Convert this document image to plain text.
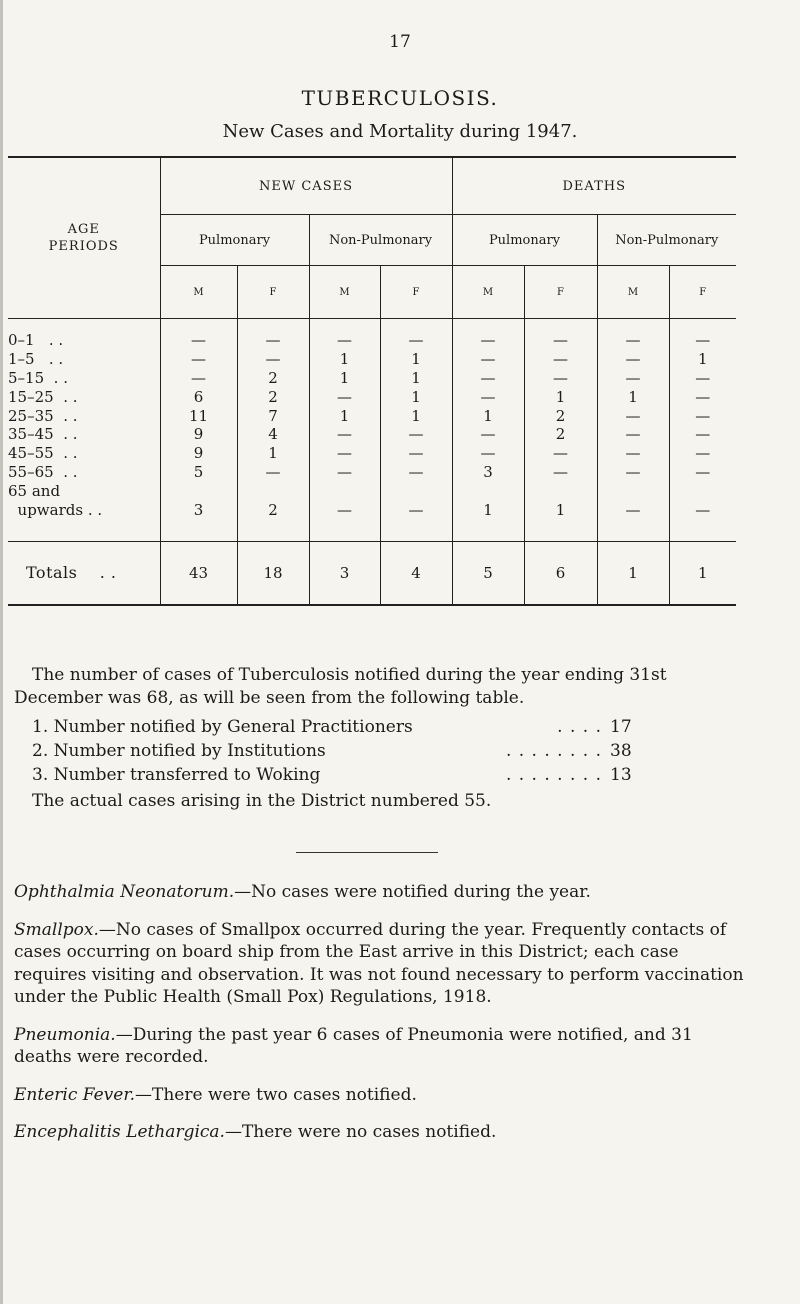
17
TUBERCULOSIS.
New Cases and Mortality during 1947.
AGE
PERIODS	NEW CASES				DEATHS			
	Pulmonary		Non-Pulmonary		Pulmonary		Non-Pulmonary	
	M	F	M	F	M	F	M	F
0–1   . .	—	—	—	—	—	—	—	—
1–5   . .	—	—	1	1	—	—	—	1
5–15  . .	—	2	1	1	—	—	—	—
15–25  . .	6	2	—	1	—	1	1	—
25–35  . .	11	7	1	1	1	2	—	—
35–45  . .	9	4	—	—	—	2	—	—
45–55  . .	9	1	—	—	—	—	—	—
55–65  . .	5	—	—	—	3	—	—	—
65 and								
upwards . .	3	2	—	—	1	1	—	—
Totals    . .	43	18	3	4	5	6	1	1
The number of cases of Tuberculosis notified during the year ending 31st December was 68, as will be seen from the following table.
1. Number notified by General Practitioners	. . . . 17
2. Number notified by Institutions	. . . . . . . . 38
3. Number transferred to Woking	. . . . . . . . 13
The actual cases arising in the District numbered 55.

Ophthalmia Neonatorum.—No cases were notified during the year.

Smallpox.—No cases of Smallpox occurred during the year. Frequently contacts of cases occurring on board ship from the East arrive in this District; each case requires visiting and observation. It was not found necessary to perform vaccination under the Public Health (Small Pox) Regulations, 1918.

Pneumonia.—During the past year 6 cases of Pneumonia were notified, and 31 deaths were recorded.

Enteric Fever.—There were two cases notified.

Encephalitis Lethargica.—There were no cases notified.
